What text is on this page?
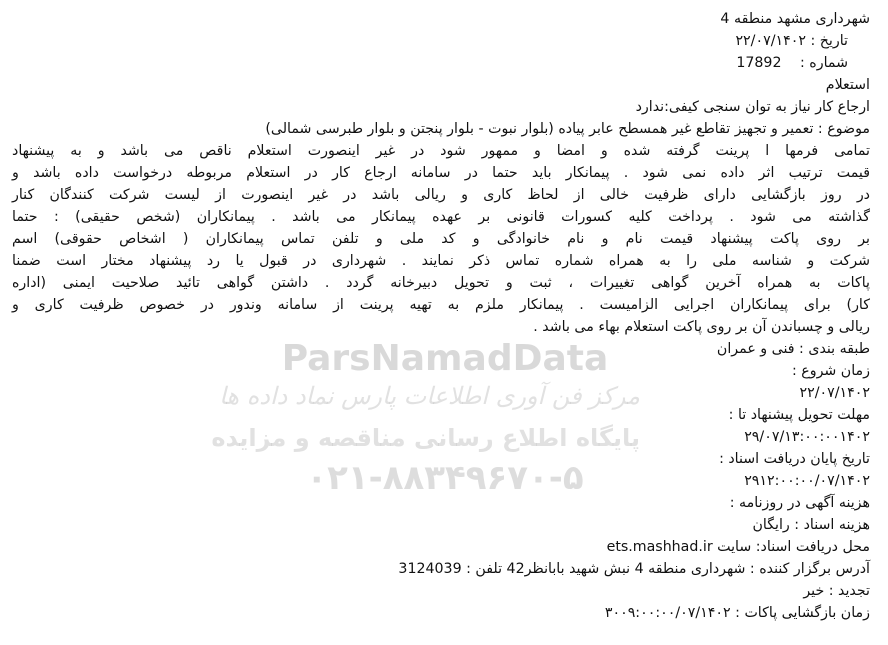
شهرداری مشهد منطقه 4
تاریخ : ۲۲/۰۷/۱۴۰۲
شماره : 17892
استعلام
ارجاع کار نیاز به توان سنجی کیفی:ندارد
موضوع : تعمیر و تجهیز تقاطع غیر همسطح عابر پیاده (بلوار نبوت - بلوار پنجتن و بلوار طبرسی شمالی)
تمامی فرمها ا پرینت گرفته شده و امضا و ممهور شود در غیر اینصورت استعلام ناقص می باشد و به پیشنهاد
قیمت ترتیب اثر داده نمی شود . پیمانکار باید حتما در سامانه ارجاع کار در استعلام مربوطه درخواست داده باشد و
در روز بازگشایی دارای ظرفیت خالی از لحاظ کاری و ریالی باشد در غیر اینصورت از لیست شرکت کنندگان کنار
گذاشته می شود . پرداخت کلیه کسورات قانونی بر عهده پیمانکار می باشد . پیمانکاران (شخص حقیقی) : حتما
بر روی پاکت پیشنهاد قیمت نام و نام خانوادگی و کد ملی و تلفن تماس پیمانکاران ( اشخاص حقوقی) اسم
شرکت و شناسه ملی را به همراه شماره تماس ذکر نمایند . شهرداری در قبول یا رد پیشنهاد مختار است ضمنا
پاکات به همراه آخرین گواهی تغییرات ، ثبت و تحویل دبیرخانه گردد . داشتن گواهی تائید صلاحیت ایمنی (اداره
کار) برای پیمانکاران اجرایی الزامیست . پیمانکار ملزم به تهیه پرینت از سامانه وندور در خصوص ظرفیت کاری و
ریالی و چسباندن آن بر روی پاکت استعلام بهاء می باشد .
طبقه بندی : فنی و عمران
زمان شروع :
۲۲/۰۷/۱۴۰۲
مهلت تحویل پیشنهاد تا :
۲۹/۰۷/۱۳:۰۰:۰۰۱۴۰۲
تاریخ پایان دریافت اسناد :
۲۹۱۲:۰۰:۰۰/۰۷/۱۴۰۲
هزینه آگهی در روزنامه :
هزینه اسناد : رایگان
محل دریافت اسناد: سایت ets.mashhad.ir
آدرس برگزار کننده : شهرداری منطقه 4 نبش شهید بابانظر42 تلفن : 3124039
تجدید : خیر
زمان بازگشایی پاکات : ۳۰۰۹:۰۰:۰۰/۰۷/۱۴۰۲
ParsNamadData
مرکز فن آوری اطلاعات پارس نماد داده ها
پایگاه اطلاع رسانی مناقصه و مزایده
۰۲۱-۸۸۳۴۹۶۷۰-۵
